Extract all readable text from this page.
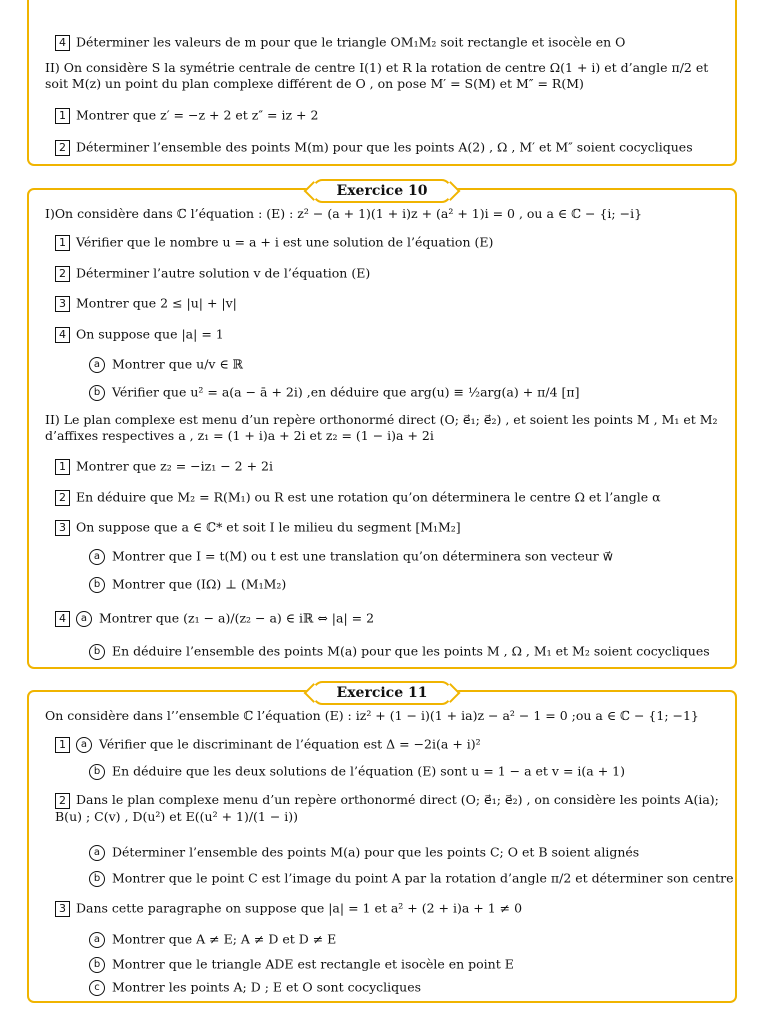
4 Déterminer les valeurs de m pour que le triangle OM₁M₂ soit rectangle et isocèle en O
II) On considère S la symétrie centrale de centre I(1) et R la rotation de centre Ω(1 + i) et d’angle π/2 et soit M(z) un point du plan complexe différent de O , on pose M′ = S(M) et M″ = R(M)
1 Montrer que z′ = −z + 2 et z″ = iz + 2
2 Déterminer l’ensemble des points M(m) pour que les points A(2) , Ω , M′ et M″ soient cocycliques
Exercice 10
I)On considère dans ℂ l’équation : (E) : z² − (a + 1)(1 + i)z + (a² + 1)i = 0 , ou a ∈ ℂ − {i; −i}
1 Vérifier que le nombre u = a + i est une solution de l’équation (E)
2 Déterminer l’autre solution v de l’équation (E)
3 Montrer que 2 ≤ |u| + |v|
4 On suppose que |a| = 1
a Montrer que u/v ∈ ℝ
b Vérifier que u² = a(a − ā + 2i) ,en déduire que arg(u) ≡ ½arg(a) + π/4 [π]
II) Le plan complexe est menu d’un repère orthonormé direct (O; e⃗₁; e⃗₂) , et soient les points M , M₁ et M₂ d’affixes respectives a , z₁ = (1 + i)a + 2i et z₂ = (1 − i)a + 2i
1 Montrer que z₂ = −iz₁ − 2 + 2i
2 En déduire que M₂ = R(M₁) ou R est une rotation qu’on déterminera le centre Ω et l’angle α
3 On suppose que a ∈ ℂ* et soit I le milieu du segment [M₁M₂]
a Montrer que I = t(M) ou t est une translation qu’on déterminera son vecteur w⃗
b Montrer que (IΩ) ⊥ (M₁M₂)
4 a Montrer que (z₁ − a)/(z₂ − a) ∈ iℝ ⇔ |a| = 2
b En déduire l’ensemble des points M(a) pour que les points M , Ω , M₁ et M₂ soient cocycliques
Exercice 11
On considère dans l’’ensemble ℂ l’équation (E) : iz² + (1 − i)(1 + ia)z − a² − 1 = 0 ;ou a ∈ ℂ − {1; −1}
1 a Vérifier que le discriminant de l’équation est Δ = −2i(a + i)²
b En déduire que les deux solutions de l’équation (E) sont u = 1 − a et v = i(a + 1)
2 Dans le plan complexe menu d’un repère orthonormé direct (O; e⃗₁; e⃗₂) , on considère les points A(ia); B(u) ; C(v) , D(u²) et E((u² + 1)/(1 − i))
a Déterminer l’ensemble des points M(a) pour que les points C; O et B soient alignés
b Montrer que le point C est l’image du point A par la rotation d’angle π/2 et déterminer son centre
3 Dans cette paragraphe on suppose que |a| = 1 et a² + (2 + i)a + 1 ≠ 0
a Montrer que A ≠ E; A ≠ D et D ≠ E
b Montrer que le triangle ADE est rectangle et isocèle en point E
c Montrer les points A; D ; E et O sont cocycliques
